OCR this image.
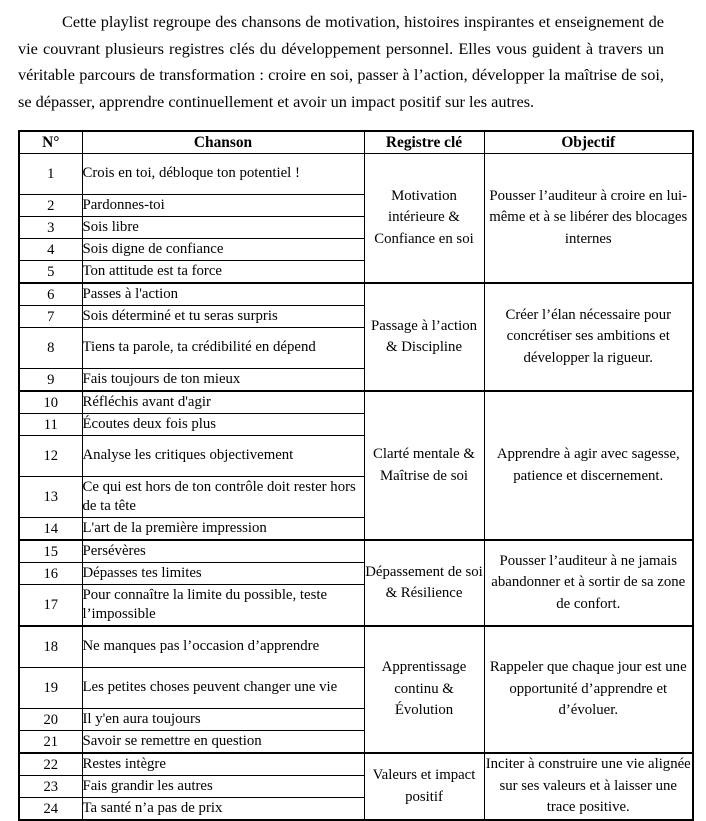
Cette playlist regroupe des chansons de motivation, histoires inspirantes et enseignement de vie couvrant plusieurs registres clés du développement personnel. Elles vous guident à travers un véritable parcours de transformation : croire en soi, passer à l’action, développer la maîtrise de soi, se dépasser, apprendre continuellement et avoir un impact positif sur les autres.

N°	Chanson	Registre clé	Objectif
1	Crois en toi, débloque ton potentiel !	Motivation intérieure & Confiance en soi	Pousser l’auditeur à croire en lui-même et à se libérer des blocages internes
2	Pardonnes-toi		
3	Sois libre		
4	Sois digne de confiance		
5	Ton attitude est ta force		
6	Passes à l'action	Passage à l’action & Discipline	Créer l’élan nécessaire pour concrétiser ses ambitions et développer la rigueur.
7	Sois déterminé et tu seras surpris		
8	Tiens ta parole, ta crédibilité en dépend		
9	Fais toujours de ton mieux		
10	Réfléchis avant d'agir	Clarté mentale & Maîtrise de soi	Apprendre à agir avec sagesse, patience et discernement.
11	Écoutes deux fois plus		
12	Analyse les critiques objectivement		
13	Ce qui est hors de ton contrôle doit rester hors de ta tête		
14	L'art de la première impression		
15	Persévères	Dépassement de soi & Résilience	Pousser l’auditeur à ne jamais abandonner et à sortir de sa zone de confort.
16	Dépasses tes limites		
17	Pour connaître la limite du possible, teste l’impossible		
18	Ne manques pas l’occasion d’apprendre	Apprentissage continu & Évolution	Rappeler que chaque jour est une opportunité d’apprendre et d’évoluer.
19	Les petites choses peuvent changer une vie		
20	Il y'en aura toujours		
21	Savoir se remettre en question		
22	Restes intègre	Valeurs et impact positif	Inciter à construire une vie alignée sur ses valeurs et à laisser une trace positive.
23	Fais grandir les autres		
24	Ta santé n’a pas de prix		
